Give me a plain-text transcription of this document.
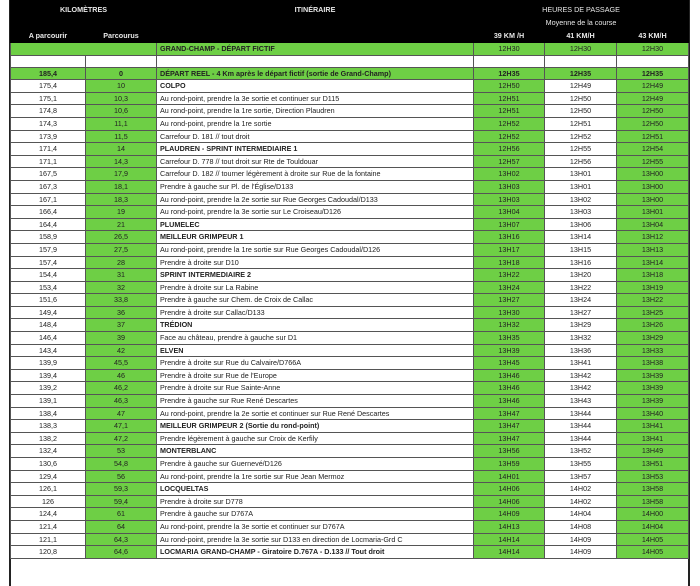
KILOMÈTRES		ITINÉRAIRE	HEURES DE PASSAGE		
			Moyenne de la course		
A parcourir	Parcourus		39 KM /H	41 KM/H	43 KM/H
		GRAND-CHAMP - DÉPART FICTIF	12H30	12H30	12H30

185,4	0	DÉPART REEL - 4 Km après le départ fictif (sortie de Grand-Champ)	12H35	12H35	12H35
175,4	10	COLPO	12H50	12H49	12H49
175,1	10,3	Au rond-point, prendre la 3e sortie et continuer sur D115	12H51	12H50	12H49
174,8	10,6	Au rond-point, prendre la 1re sortie, Direction Plaudren	12H51	12H50	12H50
174,3	11,1	Au rond-point, prendre la 1re sortie	12H52	12H51	12H50
173,9	11,5	Carrefour D. 181 // tout droit	12H52	12H52	12H51
171,4	14	PLAUDREN - SPRINT INTERMEDIAIRE 1	12H56	12H55	12H54
171,1	14,3	Carrefour D. 778 // tout droit sur Rte de Touldouar	12H57	12H56	12H55
167,5	17,9	Carrefour D. 182 // tourner légèrement à droite sur Rue de la fontaine	13H02	13H01	13H00
167,3	18,1	Prendre à gauche sur Pl. de l'Église/D133	13H03	13H01	13H00
167,1	18,3	Au rond-point, prendre la 2e sortie sur Rue Georges Cadoudal/D133	13H03	13H02	13H00
166,4	19	Au rond-point, prendre la 3e sortie sur Le Croiseau/D126	13H04	13H03	13H01
164,4	21	PLUMELEC	13H07	13H06	13H04
158,9	26,5	MEILLEUR GRIMPEUR 1	13H16	13H14	13H12
157,9	27,5	Au rond-point, prendre la 1re sortie sur Rue Georges Cadoudal/D126	13H17	13H15	13H13
157,4	28	Prendre à droite sur D10	13H18	13H16	13H14
154,4	31	SPRINT INTERMEDIAIRE 2	13H22	13H20	13H18
153,4	32	Prendre à droite sur La Rabine	13H24	13H22	13H19
151,6	33,8	Prendre à gauche sur Chem. de Croix de Callac	13H27	13H24	13H22
149,4	36	Prendre à droite sur Callac/D133	13H30	13H27	13H25
148,4	37	TRÉDION	13H32	13H29	13H26
146,4	39	Face au château, prendre à gauche sur D1	13H35	13H32	13H29
143,4	42	ELVEN	13H39	13H36	13H33
139,9	45,5	Prendre à droite sur Rue du Calvaire/D766A	13H45	13H41	13H38
139,4	46	Prendre à droite sur Rue de l'Europe	13H46	13H42	13H39
139,2	46,2	Prendre à droite sur Rue Sainte-Anne	13H46	13H42	13H39
139,1	46,3	Prendre à gauche sur Rue René Descartes	13H46	13H43	13H39
138,4	47	Au rond-point, prendre la 2e sortie et continuer sur Rue René Descartes	13H47	13H44	13H40
138,3	47,1	MEILLEUR GRIMPEUR 2 (Sortie du rond-point)	13H47	13H44	13H41
138,2	47,2	Prendre légèrement à gauche sur Croix de Kerfily	13H47	13H44	13H41
132,4	53	MONTERBLANC	13H56	13H52	13H49
130,6	54,8	Prendre à gauche sur Guernevé/D126	13H59	13H55	13H51
129,4	56	Au rond-point, prendre la 1re sortie sur Rue Jean Mermoz	14H01	13H57	13H53
126,1	59,3	LOCQUELTAS	14H06	14H02	13H58
126	59,4	Prendre à droite sur D778	14H06	14H02	13H58
124,4	61	Prendre à gauche sur D767A	14H09	14H04	14H00
121,4	64	Au rond-point, prendre la 3e sortie et continuer sur D767A	14H13	14H08	14H04
121,1	64,3	Au rond-point, prendre la 3e sortie sur D133 en direction de Locmaria-Grd C	14H14	14H09	14H05
120,8	64,6	LOCMARIA GRAND-CHAMP - Giratoire D.767A - D.133 // Tout droit	14H14	14H09	14H05
